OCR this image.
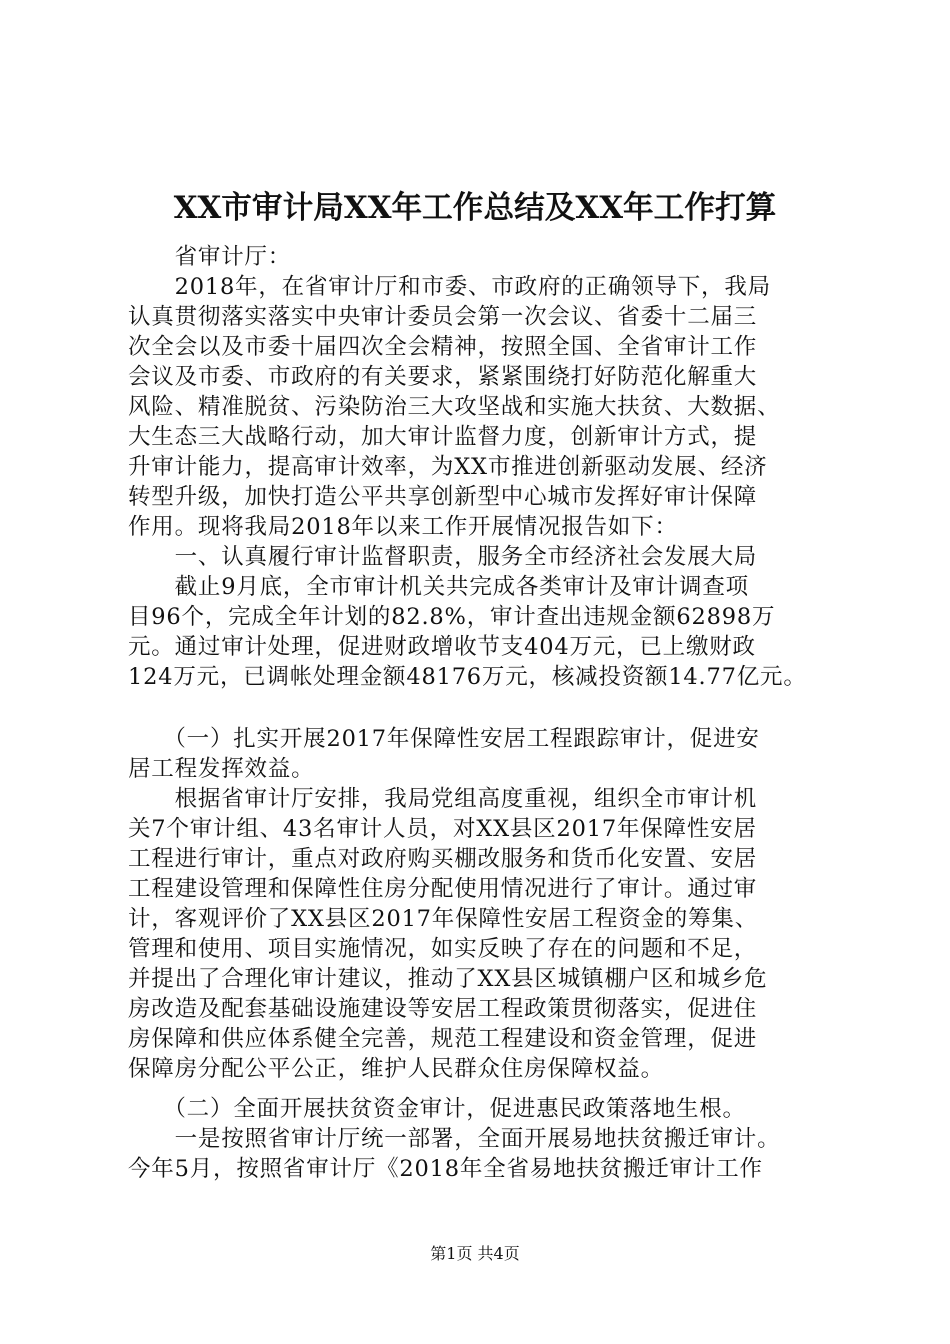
XX市审计局XX年工作总结及XX年工作打算
　　省审计厅：
　　2018年，在省审计厅和市委、市政府的正确领导下，我局
认真贯彻落实落实中央审计委员会第一次会议、省委十二届三
次全会以及市委十届四次全会精神，按照全国、全省审计工作
会议及市委、市政府的有关要求，紧紧围绕打好防范化解重大
风险、精准脱贫、污染防治三大攻坚战和实施大扶贫、大数据、
大生态三大战略行动，加大审计监督力度，创新审计方式，提
升审计能力，提高审计效率，为XX市推进创新驱动发展、经济
转型升级，加快打造公平共享创新型中心城市发挥好审计保障
作用。现将我局2018年以来工作开展情况报告如下：
　　一、认真履行审计监督职责，服务全市经济社会发展大局
　　截止9月底，全市审计机关共完成各类审计及审计调查项
目96个，完成全年计划的82.8%，审计查出违规金额62898万
元。通过审计处理，促进财政增收节支404万元，已上缴财政
124万元，已调帐处理金额48176万元，核减投资额14.77亿元。
　　（一）扎实开展2017年保障性安居工程跟踪审计，促进安
居工程发挥效益。
　　根据省审计厅安排，我局党组高度重视，组织全市审计机
关7个审计组、43名审计人员，对XX县区2017年保障性安居
工程进行审计，重点对政府购买棚改服务和货币化安置、安居
工程建设管理和保障性住房分配使用情况进行了审计。通过审
计，客观评价了XX县区2017年保障性安居工程资金的筹集、
管理和使用、项目实施情况，如实反映了存在的问题和不足，
并提出了合理化审计建议，推动了XX县区城镇棚户区和城乡危
房改造及配套基础设施建设等安居工程政策贯彻落实，促进住
房保障和供应体系健全完善，规范工程建设和资金管理，促进
保障房分配公平公正，维护人民群众住房保障权益。
　　（二）全面开展扶贫资金审计，促进惠民政策落地生根。
　　一是按照省审计厅统一部署，全面开展易地扶贫搬迁审计。
今年5月，按照省审计厅《2018年全省易地扶贫搬迁审计工作
第1页 共4页
